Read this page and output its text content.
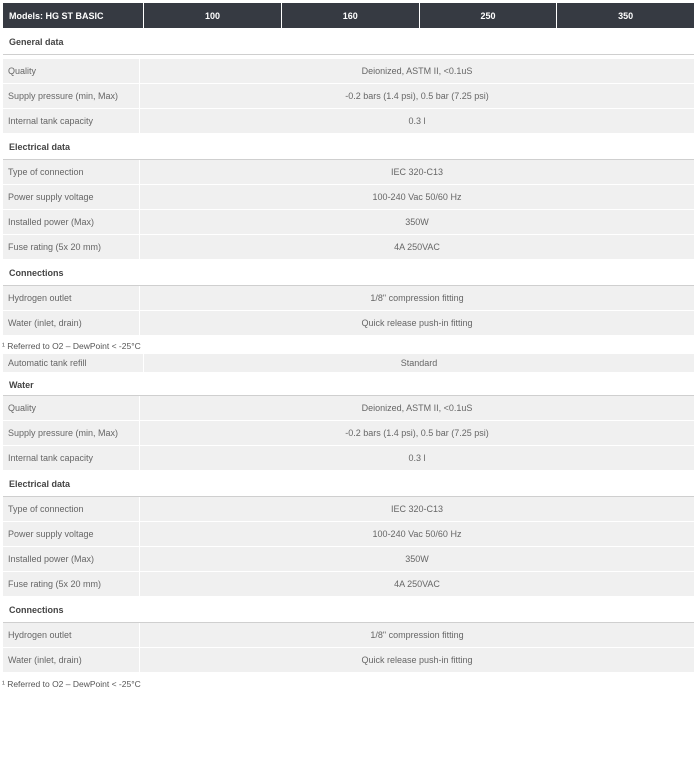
Models: HG ST BASIC	100	160	250	350
General data
Quality	Deionized, ASTM II, <0.1uS
Supply pressure (min, Max)	-0.2 bars (1.4 psi), 0.5 bar (7.25 psi)
Internal tank capacity	0.3 l
Electrical data
Type of connection	IEC 320-C13
Power supply voltage	100-240 Vac 50/60 Hz
Installed power (Max)	350W
Fuse rating (5x 20 mm)	4A 250VAC
Connections
Hydrogen outlet	1/8" compression fitting
Water (inlet, drain)	Quick release push-in fitting
¹ Referred to O2 – DewPoint < -25°C
Automatic tank refill	Standard
Water
Quality	Deionized, ASTM II, <0.1uS
Supply pressure (min, Max)	-0.2 bars (1.4 psi), 0.5 bar (7.25 psi)
Internal tank capacity	0.3 l
Electrical data
Type of connection	IEC 320-C13
Power supply voltage	100-240 Vac 50/60 Hz
Installed power (Max)	350W
Fuse rating (5x 20 mm)	4A 250VAC
Connections
Hydrogen outlet	1/8" compression fitting
Water (inlet, drain)	Quick release push-in fitting
¹ Referred to O2 – DewPoint < -25°C
